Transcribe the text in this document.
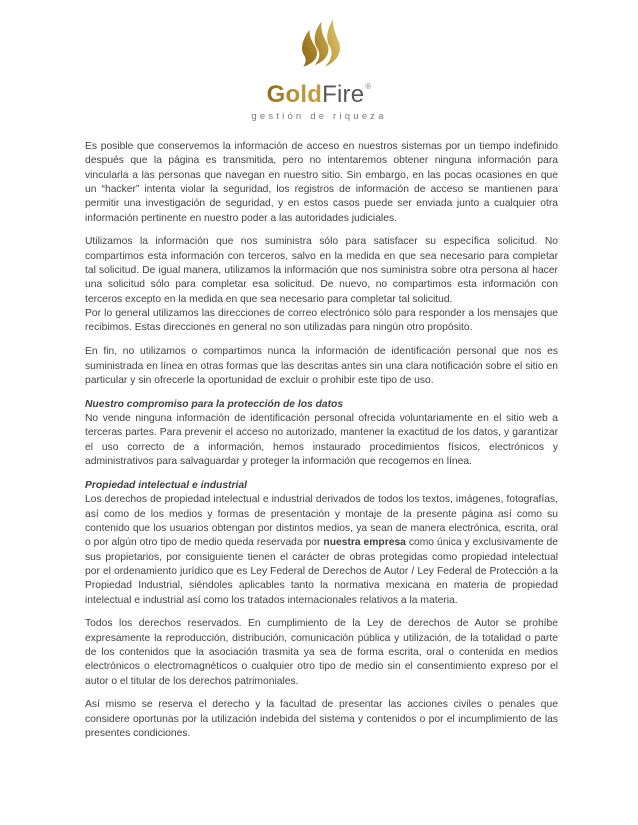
GoldFire®
gestión de riqueza

Es posible que conservemos la información de acceso en nuestros sistemas por un tiempo indefinido después que la página es transmitida, pero no intentaremos obtener ninguna información para vincularla a las personas que navegan en nuestro sitio. Sin embargo, en las pocas ocasiones en que un “hacker” intenta violar la seguridad, los registros de información de acceso se mantienen para permitir una investigación de seguridad, y en estos casos puede ser enviada junto a cualquier otra información pertinente en nuestro poder a las autoridades judiciales.

Utilizamos la información que nos suministra sólo para satisfacer su específica solicitud. No compartimos esta información con terceros, salvo en la medida en que sea necesario para completar tal solicitud. De igual manera, utilizamos la información que nos suministra sobre otra persona al hacer una solicitud sólo para completar esa solicitud. De nuevo, no compartimos esta información con terceros excepto en la medida en que sea necesario para completar tal solicitud.

Por lo general utilizamos las direcciones de correo electrónico sólo para responder a los mensajes que recibimos. Estas direcciones en general no son utilizadas para ningún otro propósito.

En fin, no utilizamos o compartimos nunca la información de identificación personal que nos es suministrada en línea en otras formas que las descritas antes sin una clara notificación sobre el sitio en particular y sin ofrecerle la oportunidad de excluir o prohibir este tipo de uso.

Nuestro compromiso para la protección de los datos

No vende ninguna información de identificación personal ofrecida voluntariamente en el sitio web a terceras partes. Para prevenir el acceso no autorizado, mantener la exactitud de los datos, y garantizar el uso correcto de a información, hemos instaurado procedimientos físicos, electrónicos y administrativos para salvaguardar y proteger la información que recogemos en línea.

Propiedad intelectual e industrial

Los derechos de propiedad intelectual e industrial derivados de todos los textos, imágenes, fotografías, así como de los medios y formas de presentación y montaje de la presente página así como su contenido que los usuarios obtengan por distintos medios, ya sean de manera electrónica, escrita, oral o por algún otro tipo de medio queda reservada por nuestra empresa como única y exclusivamente de sus propietarios, por consiguiente tienen el carácter de obras protegidas como propiedad intelectual por el ordenamiento jurídico que es Ley Federal de Derechos de Autor / Ley Federal de Protección a la Propiedad Industrial, siéndoles aplicables tanto la normativa mexicana en materia de propiedad intelectual e industrial así como los tratados internacionales relativos a la materia.

Todos los derechos reservados. En cumplimiento de la Ley de derechos de Autor se prohíbe expresamente la reproducción, distribución, comunicación pública y utilización, de la totalidad o parte de los contenidos que la asociación trasmita ya sea de forma escrita, oral o contenida en medios electrónicos o electromagnéticos o cualquier otro tipo de medio sin el consentimiento expreso por el autor o el titular de los derechos patrimoniales.

Así mismo se reserva el derecho y la facultad de presentar las acciones civiles o penales que considere oportunas por la utilización indebida del sistema y contenidos o por el incumplimiento de las presentes condiciones.
